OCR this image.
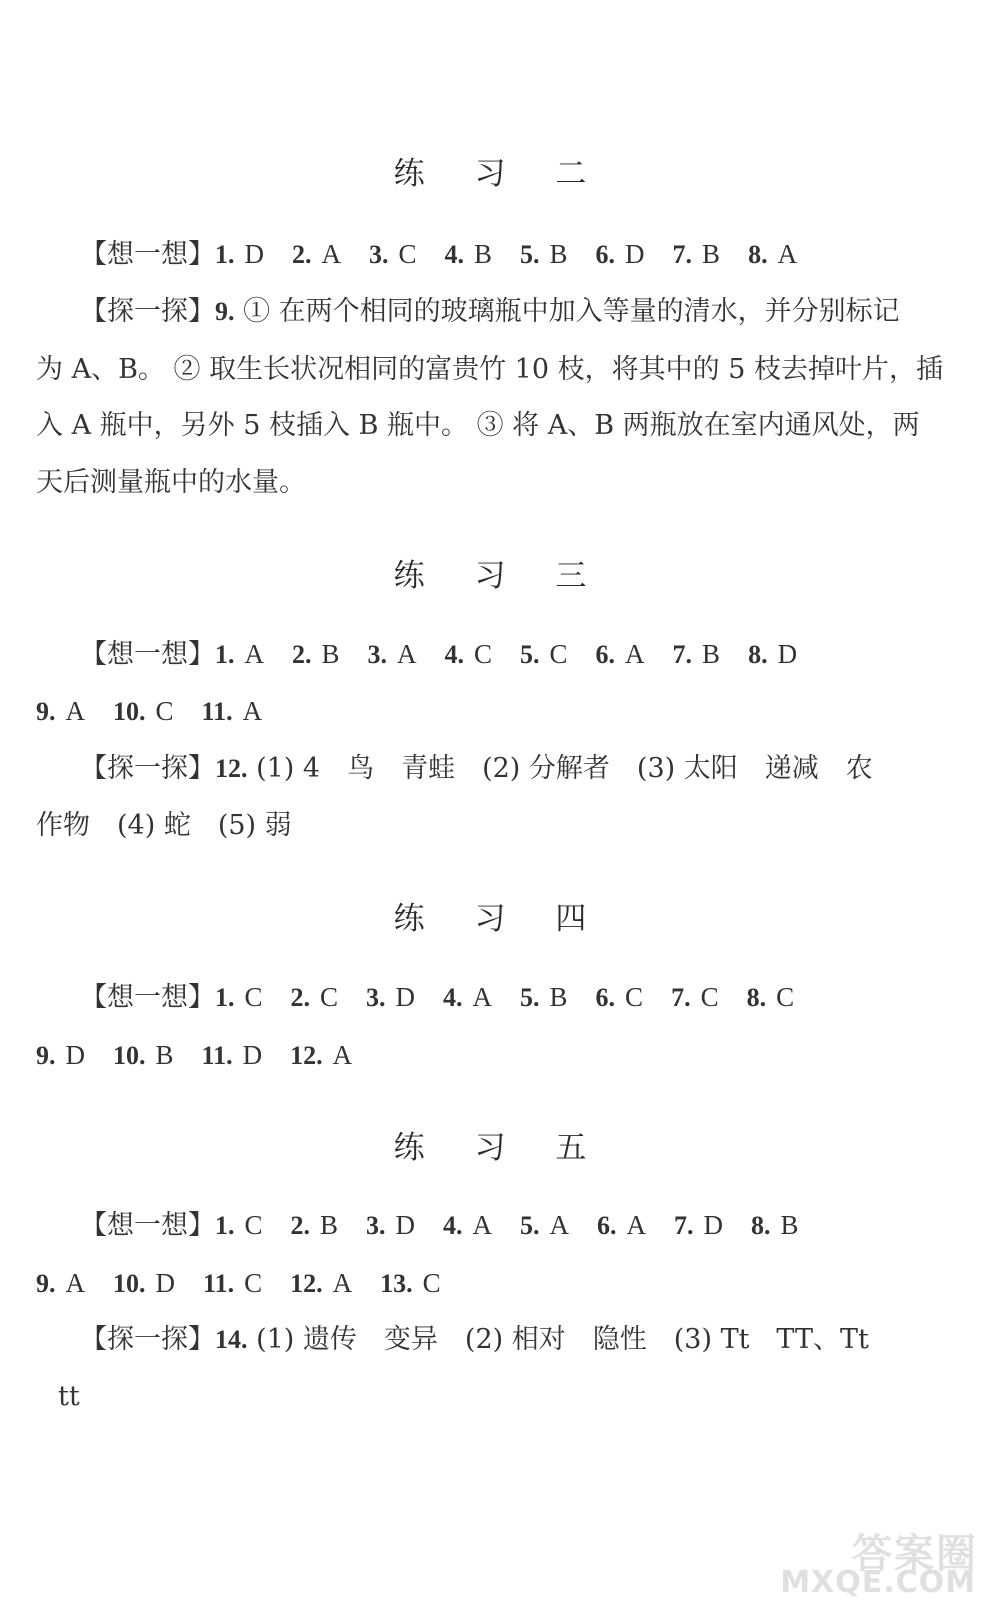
练 习 二
【想一想】1. D 2. A 3. C 4. B 5. B 6. D 7. B 8. A
【探一探】9. ① 在两个相同的玻璃瓶中加入等量的清水，并分别标记
为 A、B。 ② 取生长状况相同的富贵竹 10 枝，将其中的 5 枝去掉叶片，插
入 A 瓶中，另外 5 枝插入 B 瓶中。 ③ 将 A、B 两瓶放在室内通风处，两
天后测量瓶中的水量。
练 习 三
【想一想】1. A 2. B 3. A 4. C 5. C 6. A 7. B 8. D
9. A 10. C 11. A
【探一探】12. (1) 4　鸟　青蛙　(2) 分解者　(3) 太阳　递减　农
作物　(4) 蛇　(5) 弱
练 习 四
【想一想】1. C 2. C 3. D 4. A 5. B 6. C 7. C 8. C
9. D 10. B 11. D 12. A
练 习 五
【想一想】1. C 2. B 3. D 4. A 5. A 6. A 7. D 8. B
9. A 10. D 11. C 12. A 13. C
【探一探】14. (1) 遗传　变异　(2) 相对　隐性　(3) Tt　TT、Tt
tt
答案圈
MXQE.COM
